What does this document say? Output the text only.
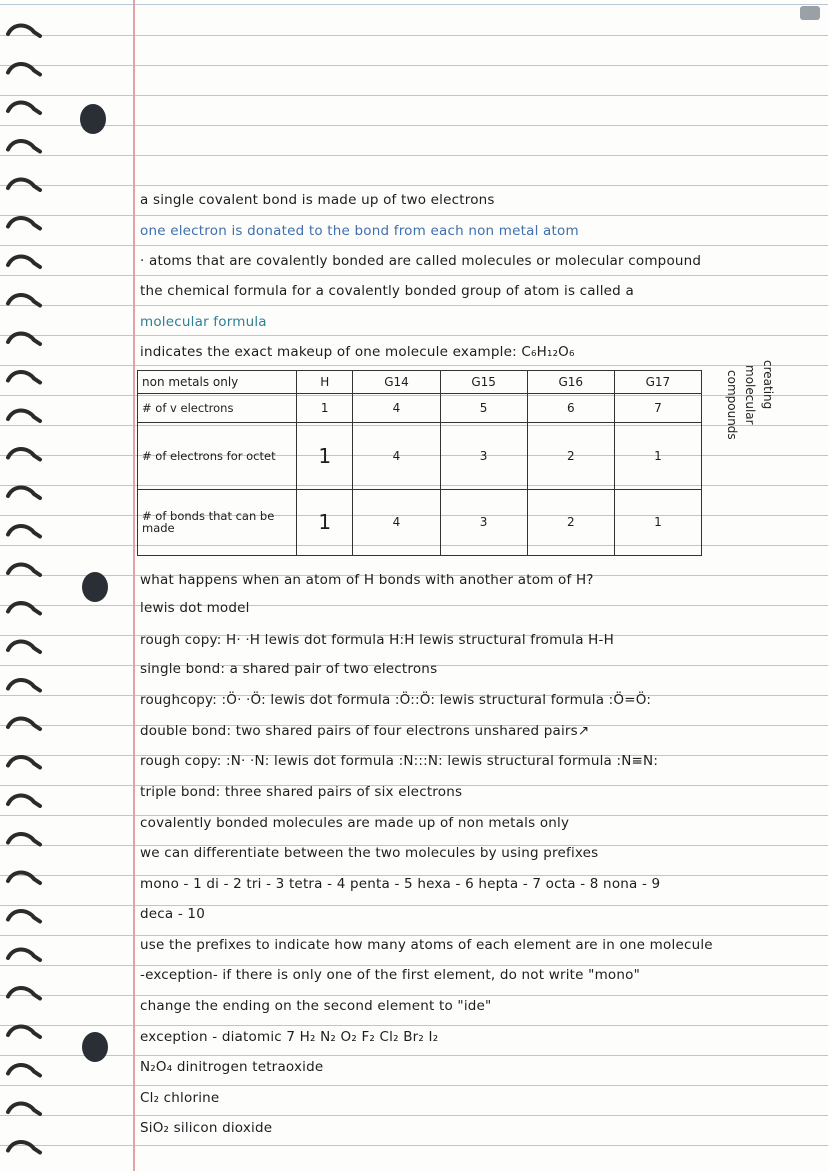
a single covalent bond is made up of two electrons
one electron is donated to the bond from each non metal atom
· atoms that are covalently bonded are called molecules or molecular compound
the chemical formula for a covalently bonded group of atom is called a
molecular formula
indicates the exact makeup of one molecule example: C₆H₁₂O₆
non metals only	H	G14	G15	G16	G17
# of v electrons	1	4	5	6	7
# of electrons for octet	1	4	3	2	1
# of bonds that can be made	1	4	3	2	1
creating
molecular
compounds
what happens when an atom of H bonds with another atom of H?
lewis dot model
rough copy: H· ·H lewis dot formula H:H lewis structural fromula H-H
single bond: a shared pair of two electrons
roughcopy: :Ö· ·Ö: lewis dot formula :Ö::Ö: lewis structural formula :Ö=Ö:
double bond: two shared pairs of four electrons unshared pairs↗
rough copy: :N· ·N: lewis dot formula :N:::N: lewis structural formula :N≡N:
triple bond: three shared pairs of six electrons
covalently bonded molecules are made up of non metals only
we can differentiate between the two molecules by using prefixes
mono - 1 di - 2 tri - 3 tetra - 4 penta - 5 hexa - 6 hepta - 7 octa - 8 nona - 9
deca - 10
use the prefixes to indicate how many atoms of each element are in one molecule
-exception- if there is only one of the first element, do not write "mono"
change the ending on the second element to "ide"
exception - diatomic 7 H₂ N₂ O₂ F₂ Cl₂ Br₂ I₂
N₂O₄ dinitrogen tetraoxide
Cl₂ chlorine
SiO₂ silicon dioxide
